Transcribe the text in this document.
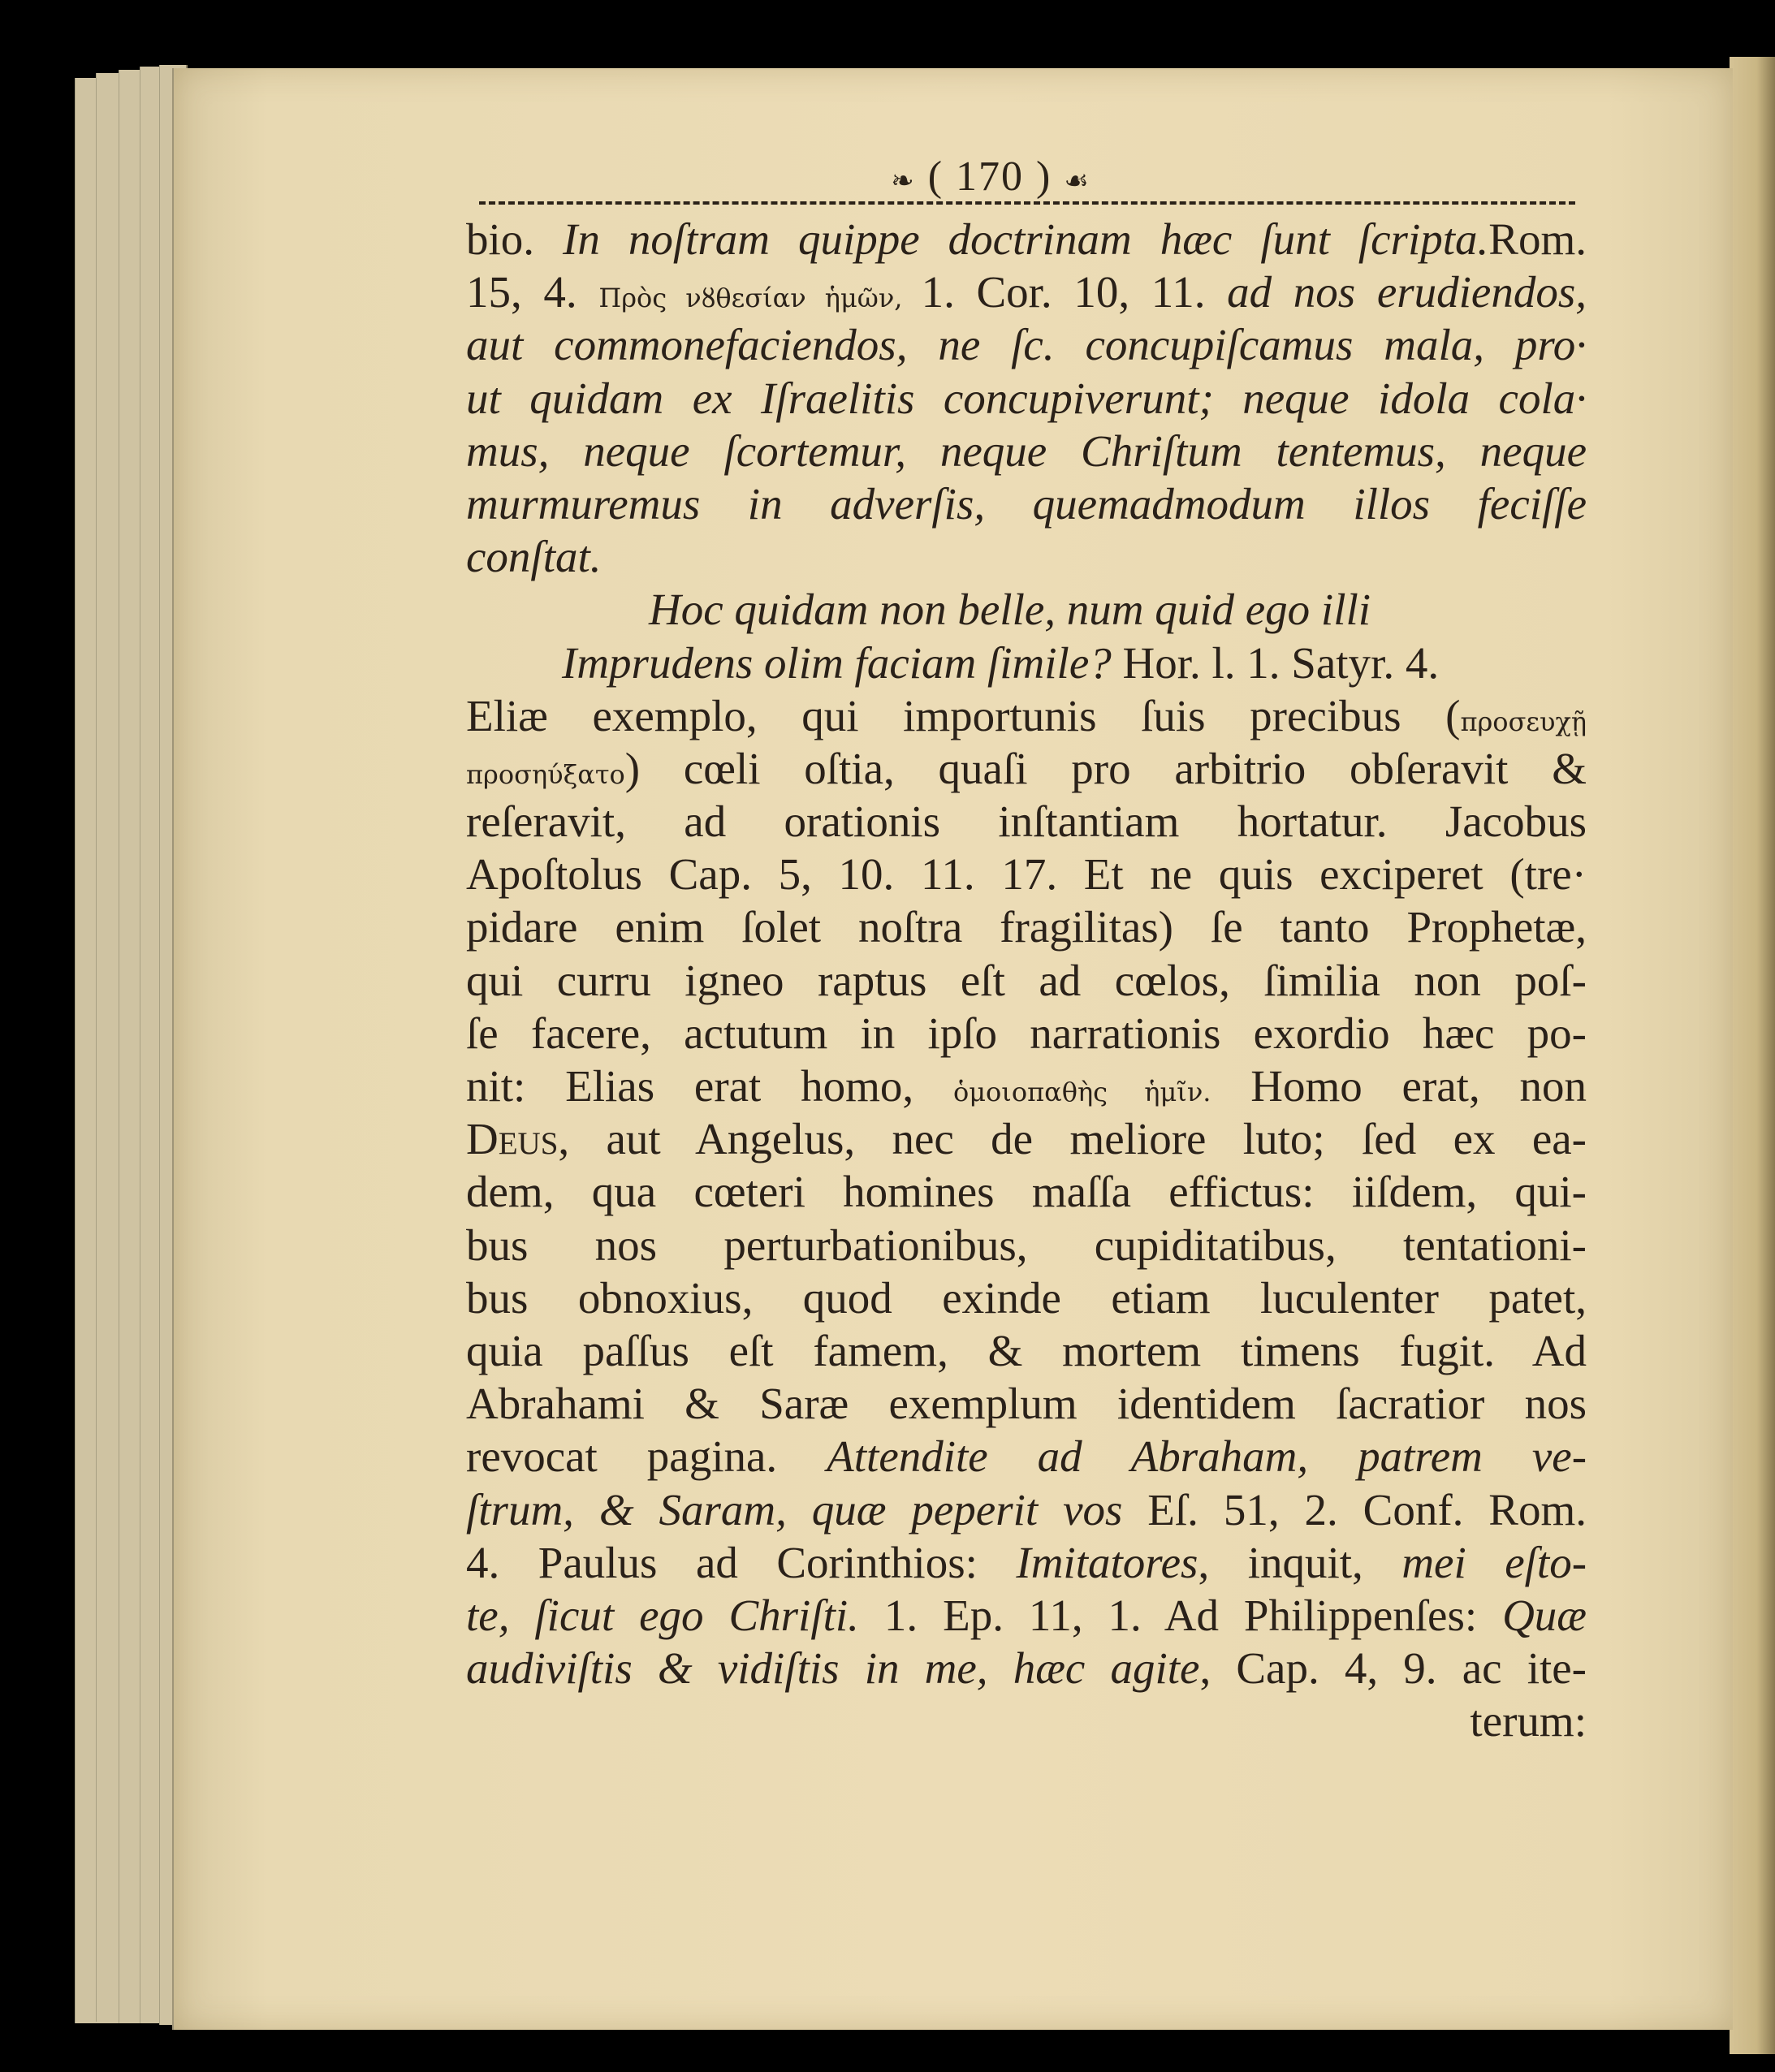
❧ ( 170 ) ☙
bio. In noſtram quippe doctrinam hæc ſunt ſcripta.Rom.
15, 4. Πρὸς νȣθεσίαν ἡμῶν, 1. Cor. 10, 11. ad nos erudiendos,
aut commonefaciendos, ne ſc. concupiſcamus mala, pro·
ut quidam ex Iſraelitis concupiverunt; neque idola cola·
mus, neque ſcortemur, neque Chriſtum tentemus, neque
murmuremus in adverſis, quemadmodum illos feciſſe
conſtat.
Hoc quidam non belle, num quid ego illi
Imprudens olim faciam ſimile? Hor. l. 1. Satyr. 4.
Eliæ exemplo, qui importunis ſuis precibus (προσευχῇ
προσηύξατο) cœli oſtia, quaſi pro arbitrio obſeravit &
reſeravit, ad orationis inſtantiam hortatur. Jacobus
Apoſtolus Cap. 5, 10. 11. 17. Et ne quis exciperet (tre·
pidare enim ſolet noſtra fragilitas) ſe tanto Prophetæ,
qui curru igneo raptus eſt ad cœlos, ſimilia non poſ-
ſe facere, actutum in ipſo narrationis exordio hæc po-
nit: Elias erat homo, ὁμοιοπαθὴς ἡμῖν. Homo erat, non
Deus, aut Angelus, nec de meliore luto; ſed ex ea-
dem, qua cœteri homines maſſa effictus: iiſdem, qui-
bus nos perturbationibus, cupiditatibus, tentationi-
bus obnoxius, quod exinde etiam luculenter patet,
quia paſſus eſt famem, & mortem timens fugit. Ad
Abrahami & Saræ exemplum identidem ſacratior nos
revocat pagina. Attendite ad Abraham, patrem ve-
ſtrum, & Saram, quæ peperit vos Eſ. 51, 2. Conf. Rom.
4. Paulus ad Corinthios: Imitatores, inquit, mei eſto-
te, ſicut ego Chriſti. 1. Ep. 11, 1. Ad Philippenſes: Quæ
audiviſtis & vidiſtis in me, hæc agite, Cap. 4, 9. ac ite-
terum:
